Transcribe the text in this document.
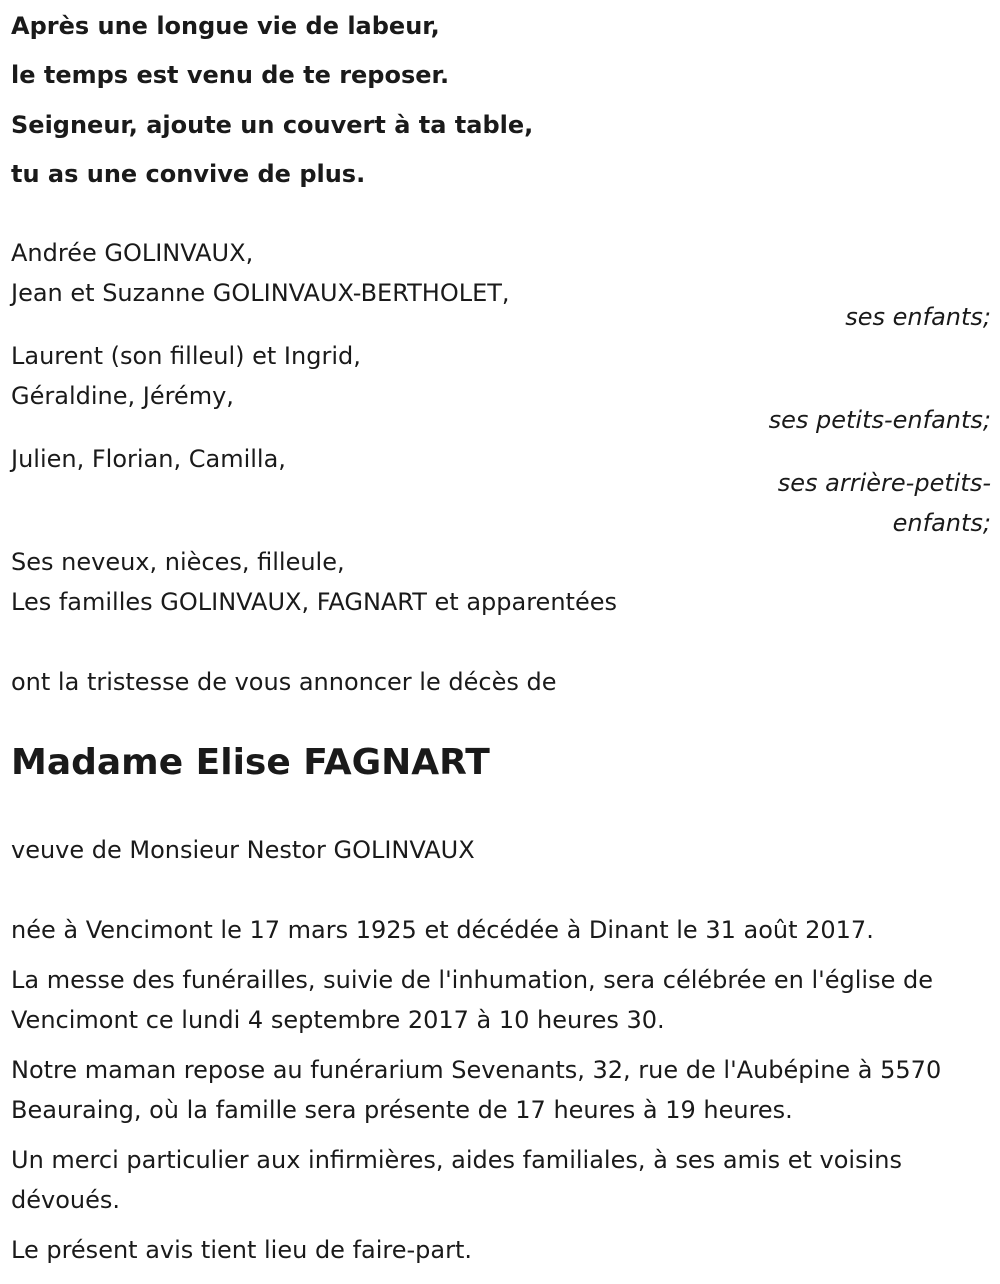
Après une longue vie de labeur,
le temps est venu de te reposer.
Seigneur, ajoute un couvert à ta table,
tu as une convive de plus.
Andrée GOLINVAUX,
Jean et Suzanne GOLINVAUX-BERTHOLET,
ses enfants;
Laurent (son filleul) et Ingrid,
Géraldine, Jérémy,
ses petits-enfants;
Julien, Florian, Camilla,
ses arrière-petits-
enfants;
Ses neveux, nièces, filleule,
Les familles GOLINVAUX, FAGNART et apparentées
ont la tristesse de vous annoncer le décès de
Madame Elise FAGNART
veuve de Monsieur Nestor GOLINVAUX
née à Vencimont le 17 mars 1925 et décédée à Dinant le 31 août 2017.
La messe des funérailles, suivie de l'inhumation, sera célébrée en l'église de Vencimont ce lundi 4 septembre 2017 à 10 heures 30.
Notre maman repose au funérarium Sevenants, 32, rue de l'Aubépine à 5570 Beauraing, où la famille sera présente de 17 heures à 19 heures.
Un merci particulier aux infirmières, aides familiales, à ses amis et voisins dévoués.
Le présent avis tient lieu de faire-part.
